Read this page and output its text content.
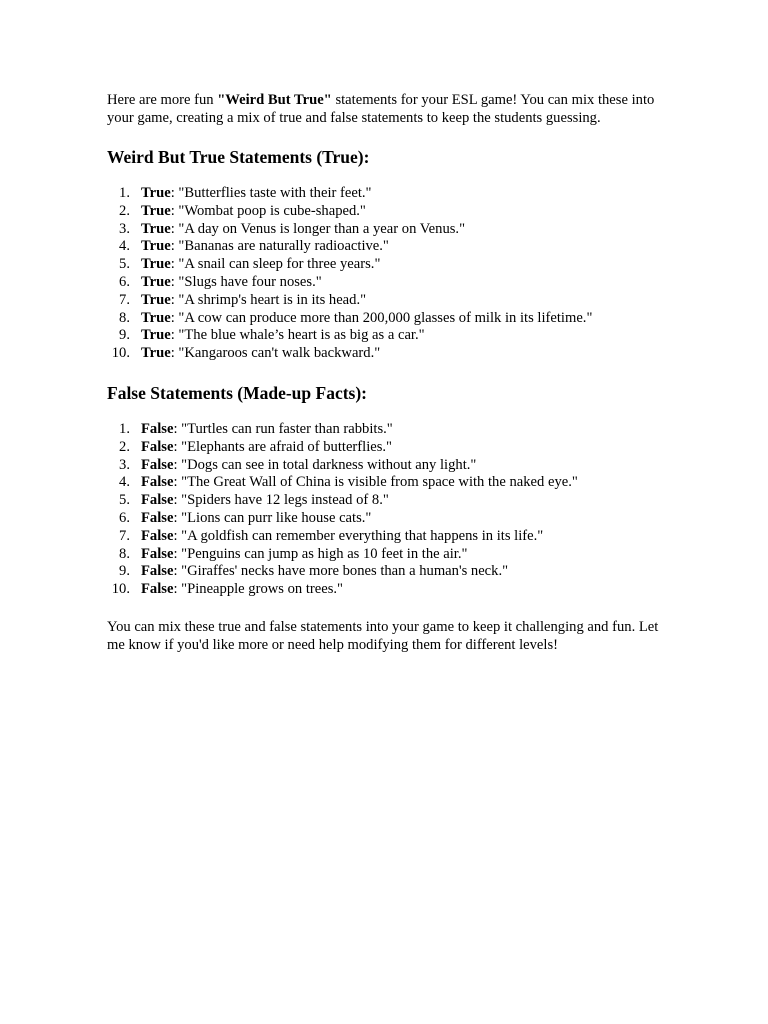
Here are more fun "Weird But True" statements for your ESL game! You can mix these into your game, creating a mix of true and false statements to keep the students guessing.

Weird But True Statements (True):
1. True : "Butterflies taste with their feet."
2. True : "Wombat poop is cube-shaped."
3. True : "A day on Venus is longer than a year on Venus."
4. True : "Bananas are naturally radioactive."
5. True : "A snail can sleep for three years."
6. True : "Slugs have four noses."
7. True : "A shrimp's heart is in its head."
8. True : "A cow can produce more than 200,000 glasses of milk in its lifetime."
9. True : "The blue whale’s heart is as big as a car."
10. True : "Kangaroos can't walk backward."
False Statements (Made-up Facts):
1. False : "Turtles can run faster than rabbits."
2. False : "Elephants are afraid of butterflies."
3. False : "Dogs can see in total darkness without any light."
4. False : "The Great Wall of China is visible from space with the naked eye."
5. False : "Spiders have 12 legs instead of 8."
6. False : "Lions can purr like house cats."
7. False : "A goldfish can remember everything that happens in its life."
8. False : "Penguins can jump as high as 10 feet in the air."
9. False : "Giraffes' necks have more bones than a human's neck."
10. False : "Pineapple grows on trees."

You can mix these true and false statements into your game to keep it challenging and fun. Let me know if you'd like more or need help modifying them for different levels!
